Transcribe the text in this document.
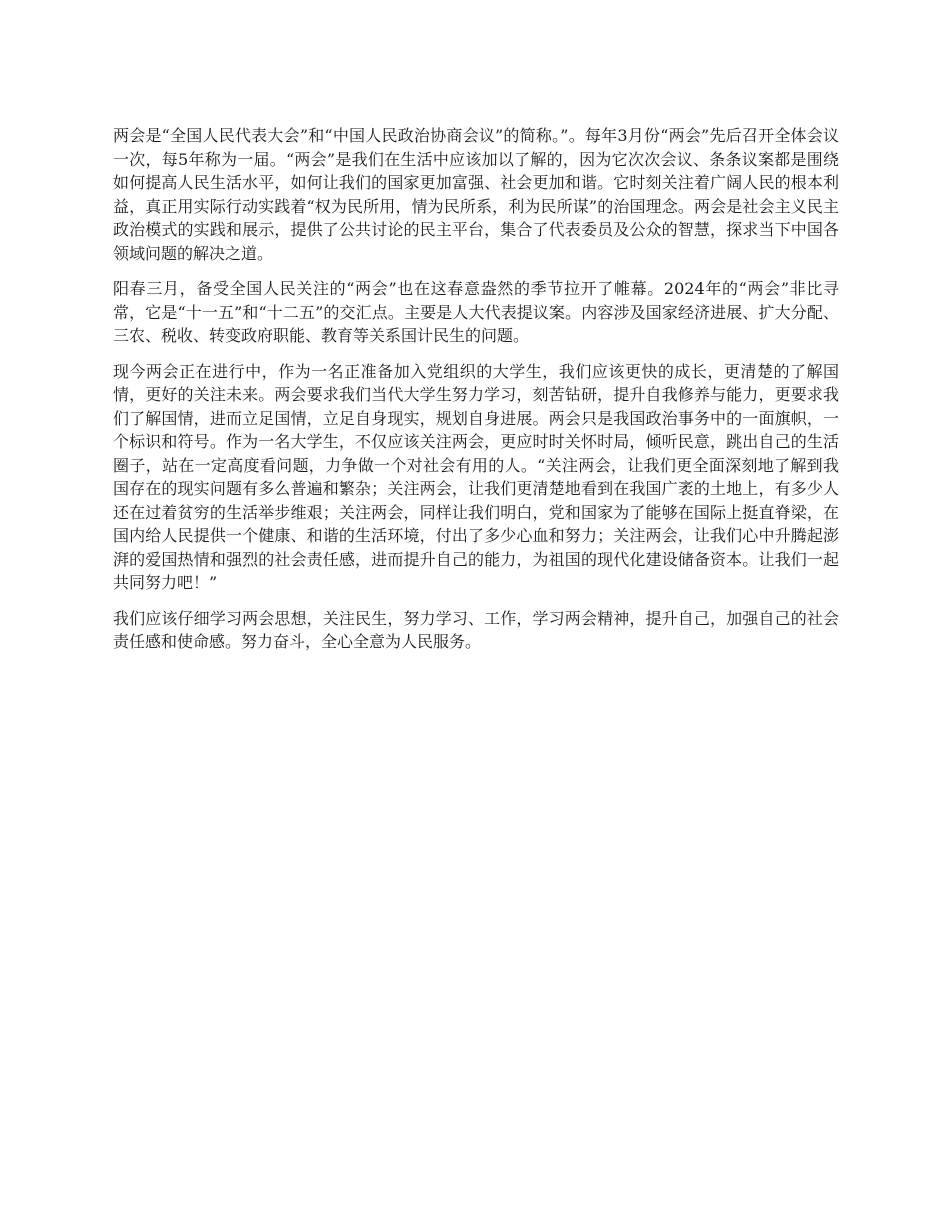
两会是“全国人民代表大会”和“中国人民政治协商会议”的简称。”。每年3月份“两会”先后召开全体会议一次，每5年称为一届。“两会”是我们在生活中应该加以了解的，因为它次次会议、条条议案都是围绕如何提高人民生活水平，如何让我们的国家更加富强、社会更加和谐。它时刻关注着广阔人民的根本利益，真正用实际行动实践着“权为民所用，情为民所系，利为民所谋”的治国理念。两会是社会主义民主政治模式的实践和展示，提供了公共讨论的民主平台，集合了代表委员及公众的智慧，探求当下中国各领域问题的解决之道。

阳春三月，备受全国人民关注的“两会”也在这春意盎然的季节拉开了帷幕。2024年的“两会”非比寻常，它是“十一五”和“十二五”的交汇点。主要是人大代表提议案。内容涉及国家经济进展、扩大分配、三农、税收、转变政府职能、教育等关系国计民生的问题。

现今两会正在进行中，作为一名正准备加入党组织的大学生，我们应该更快的成长，更清楚的了解国情，更好的关注未来。两会要求我们当代大学生努力学习，刻苦钻研，提升自我修养与能力，更要求我们了解国情，进而立足国情，立足自身现实，规划自身进展。两会只是我国政治事务中的一面旗帜，一个标识和符号。作为一名大学生，不仅应该关注两会，更应时时关怀时局，倾听民意，跳出自己的生活圈子，站在一定高度看问题，力争做一个对社会有用的人。“关注两会，让我们更全面深刻地了解到我国存在的现实问题有多么普遍和繁杂；关注两会，让我们更清楚地看到在我国广袤的土地上，有多少人还在过着贫穷的生活举步维艰；关注两会，同样让我们明白，党和国家为了能够在国际上挺直脊梁，在国内给人民提供一个健康、和谐的生活环境，付出了多少心血和努力；关注两会，让我们心中升腾起澎湃的爱国热情和强烈的社会责任感，进而提升自己的能力，为祖国的现代化建设储备资本。让我们一起共同努力吧！”

我们应该仔细学习两会思想，关注民生，努力学习、工作，学习两会精神，提升自己，加强自己的社会责任感和使命感。努力奋斗，全心全意为人民服务。
